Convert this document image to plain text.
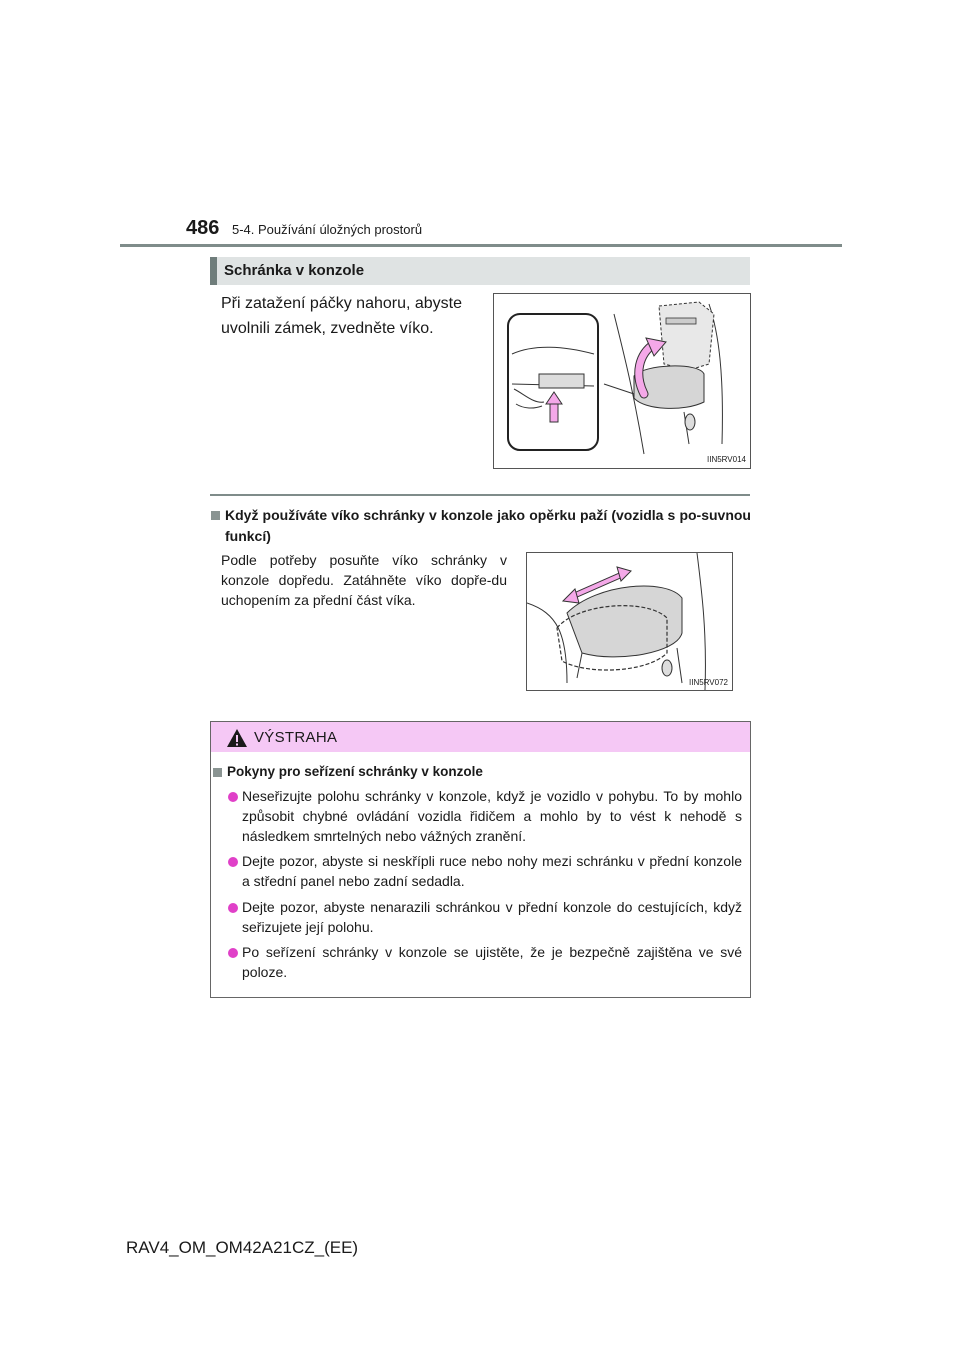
486 5-4. Používání úložných prostorů
Schránka v konzole
Při zatažení páčky nahoru, abyste uvolnili zámek, zvedněte víko.
IIN5RV014
Když používáte víko schránky v konzole jako opěrku paží (vozidla s po-suvnou funkcí)
Podle potřeby posuňte víko schránky v konzole dopředu. Zatáhněte víko dopře-du uchopením za přední část víka.
IIN5RV072
VÝSTRAHA
Pokyny pro seřízení schránky v konzole
Neseřizujte polohu schránky v konzole, když je vozidlo v pohybu. To by mohlo způsobit chybné ovládání vozidla řidičem a mohlo by to vést k nehodě s následkem smrtelných nebo vážných zranění.
Dejte pozor, abyste si neskřípli ruce nebo nohy mezi schránku v přední konzole a střední panel nebo zadní sedadla.
Dejte pozor, abyste nenarazili schránkou v přední konzole do cestujících, když seřizujete její polohu.
Po seřízení schránky v konzole se ujistěte, že je bezpečně zajištěna ve své poloze.
RAV4_OM_OM42A21CZ_(EE)
